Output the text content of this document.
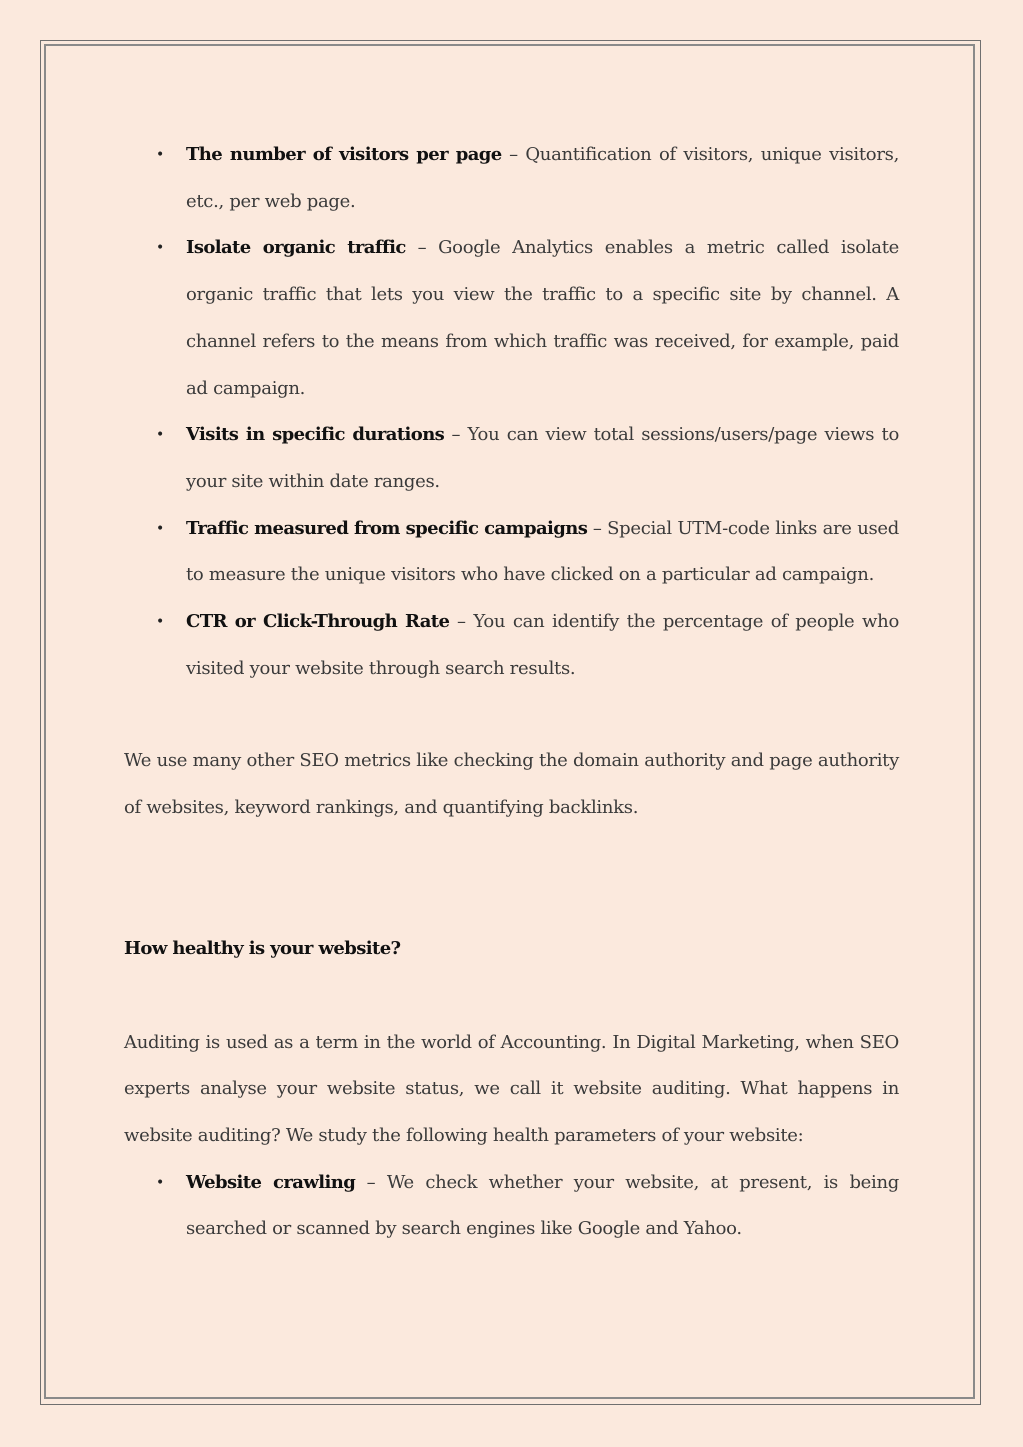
• The number of visitors per page – Quantification of visitors, unique visitors, etc., per web page.
• Isolate organic traffic – Google Analytics enables a metric called isolate organic traffic that lets you view the traffic to a specific site by channel. A channel refers to the means from which traffic was received, for example, paid ad campaign.
• Visits in specific durations – You can view total sessions/users/page views to your site within date ranges.
• Traffic measured from specific campaigns – Special UTM-code links are used to measure the unique visitors who have clicked on a particular ad campaign.
• CTR or Click-Through Rate – You can identify the percentage of people who visited your website through search results.

We use many other SEO metrics like checking the domain authority and page authority of websites, keyword rankings, and quantifying backlinks.

How healthy is your website?

Auditing is used as a term in the world of Accounting. In Digital Marketing, when SEO experts analyse your website status, we call it website auditing. What happens in website auditing? We study the following health parameters of your website:

• Website crawling – We check whether your website, at present, is being searched or scanned by search engines like Google and Yahoo.
